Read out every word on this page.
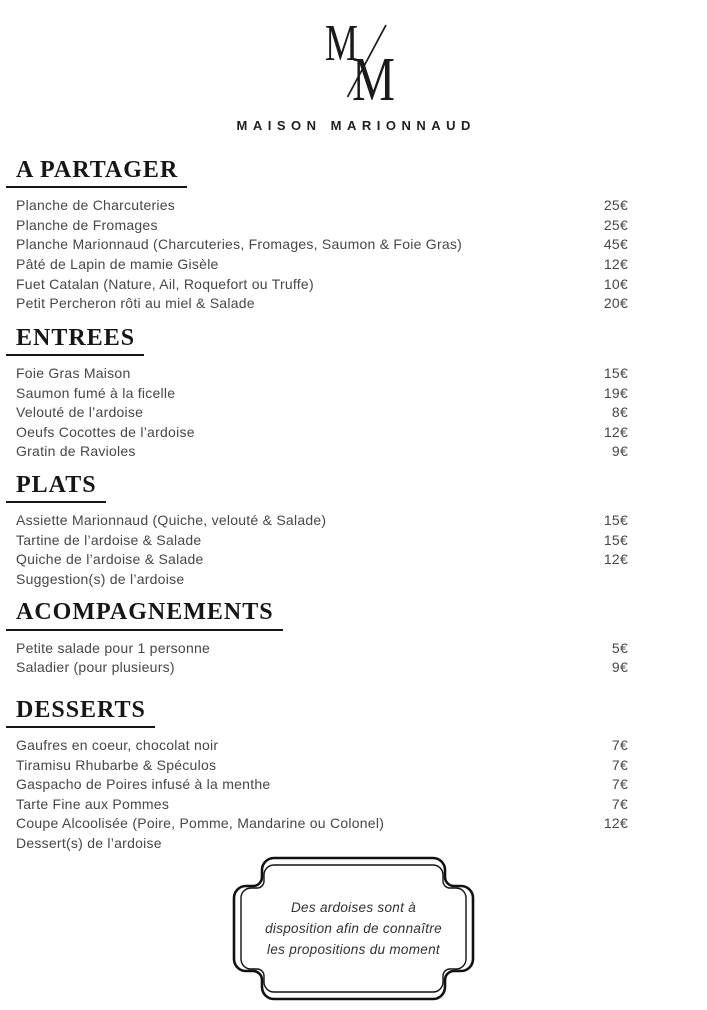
M
M
MAISON MARIONNAUD
A PARTAGER
Planche de Charcuteries	25€
Planche de Fromages	25€
Planche Marionnaud (Charcuteries, Fromages, Saumon & Foie Gras)	45€
Pâté de Lapin de mamie Gisèle	12€
Fuet Catalan (Nature, Ail, Roquefort ou Truffe)	10€
Petit Percheron rôti au miel & Salade	20€
ENTREES
Foie Gras Maison	15€
Saumon fumé à la ficelle	19€
Velouté de l’ardoise	8€
Oeufs Cocottes de l’ardoise	12€
Gratin de Ravioles	9€
PLATS
Assiette Marionnaud (Quiche, velouté & Salade)	15€
Tartine de l’ardoise & Salade	15€
Quiche de l’ardoise & Salade	12€
Suggestion(s) de l’ardoise
ACOMPAGNEMENTS
Petite salade pour 1 personne	5€
Saladier (pour plusieurs)	9€
DESSERTS
Gaufres en coeur, chocolat noir	7€
Tiramisu Rhubarbe & Spéculos	7€
Gaspacho de Poires infusé à la menthe	7€
Tarte Fine aux Pommes	7€
Coupe Alcoolisée (Poire, Pomme, Mandarine ou Colonel)	12€
Dessert(s) de l’ardoise
Des ardoises sont à
disposition afin de connaître
les propositions du moment
